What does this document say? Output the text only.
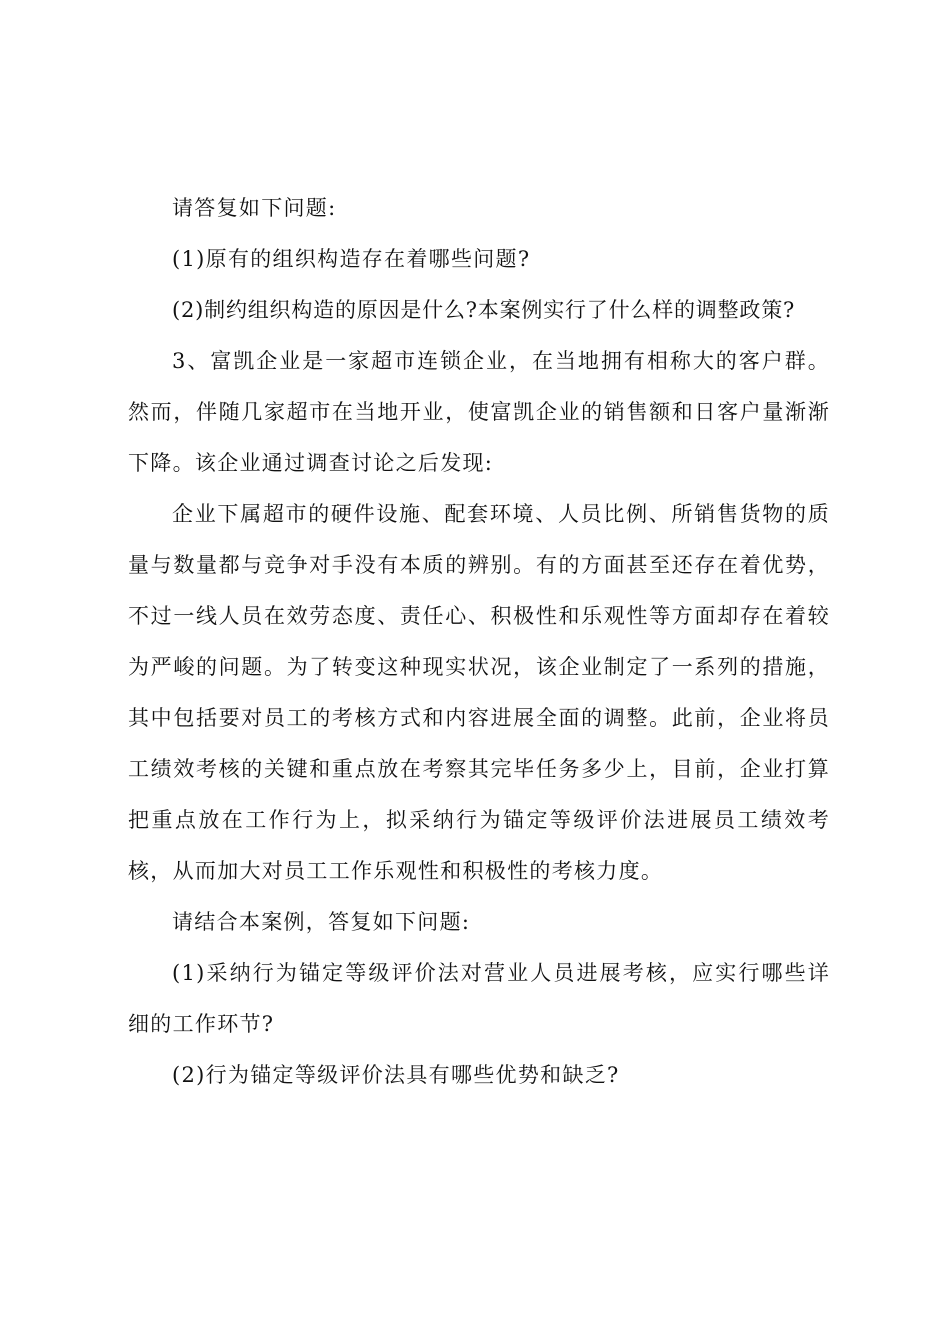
请答复如下问题:

(1)原有的组织构造存在着哪些问题?

(2)制约组织构造的原因是什么?本案例实行了什么样的调整政策?

3、富凯企业是一家超市连锁企业，在当地拥有相称大的客户群。然而，伴随几家超市在当地开业，使富凯企业的销售额和日客户量渐渐下降。该企业通过调查讨论之后发现:

企业下属超市的硬件设施、配套环境、人员比例、所销售货物的质量与数量都与竞争对手没有本质的辨别。有的方面甚至还存在着优势，不过一线人员在效劳态度、责任心、积极性和乐观性等方面却存在着较为严峻的问题。为了转变这种现实状况，该企业制定了一系列的措施，其中包括要对员工的考核方式和内容进展全面的调整。此前，企业将员工绩效考核的关键和重点放在考察其完毕任务多少上，目前，企业打算把重点放在工作行为上，拟采纳行为锚定等级评价法进展员工绩效考核，从而加大对员工工作乐观性和积极性的考核力度。

请结合本案例，答复如下问题:

(1)采纳行为锚定等级评价法对营业人员进展考核，应实行哪些详细的工作环节?

(2)行为锚定等级评价法具有哪些优势和缺乏?
